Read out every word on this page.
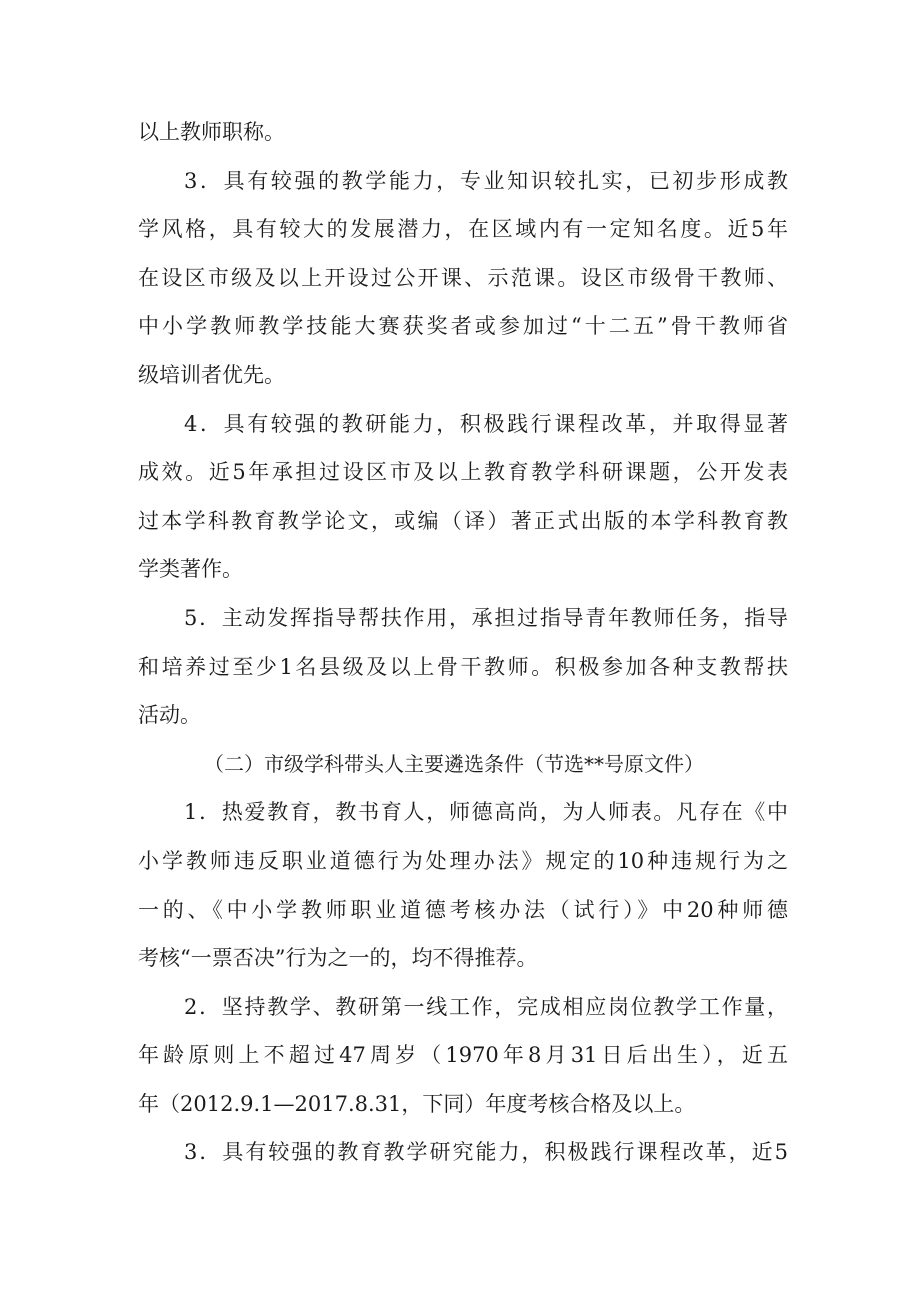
以上教师职称。
3．具有较强的教学能力，专业知识较扎实，已初步形成教
学风格，具有较大的发展潜力，在区域内有一定知名度。近5年
在设区市级及以上开设过公开课、示范课。设区市级骨干教师、
中小学教师教学技能大赛获奖者或参加过“十二五”骨干教师省
级培训者优先。
4．具有较强的教研能力，积极践行课程改革，并取得显著
成效。近5年承担过设区市及以上教育教学科研课题，公开发表
过本学科教育教学论文，或编（译）著正式出版的本学科教育教
学类著作。
5．主动发挥指导帮扶作用，承担过指导青年教师任务，指导
和培养过至少1名县级及以上骨干教师。积极参加各种支教帮扶
活动。
（二）市级学科带头人主要遴选条件（节选**号原文件）
1．热爱教育，教书育人，师德高尚，为人师表。凡存在《中
小学教师违反职业道德行为处理办法》规定的10种违规行为之
一的、《中小学教师职业道德考核办法（试行）》中20种师德
考核“一票否决”行为之一的，均不得推荐。
2．坚持教学、教研第一线工作，完成相应岗位教学工作量，
年龄原则上不超过47周岁（1970年8月31日后出生），近五
年（2012.9.1—2017.8.31，下同）年度考核合格及以上。
3．具有较强的教育教学研究能力，积极践行课程改革，近5
